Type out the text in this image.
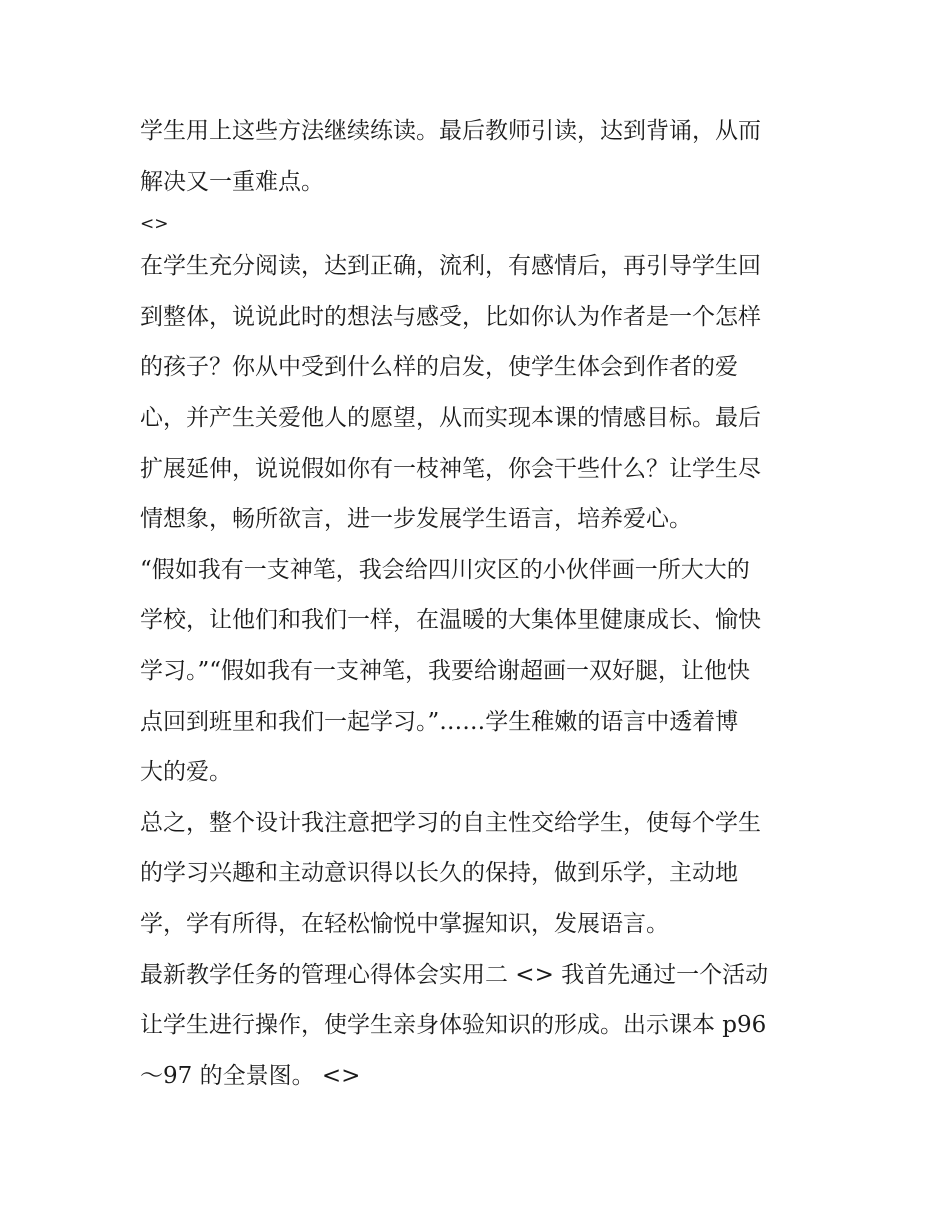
学生用上这些方法继续练读。最后教师引读，达到背诵，从而

解决又一重难点。

<>

在学生充分阅读，达到正确，流利，有感情后，再引导学生回

到整体，说说此时的想法与感受，比如你认为作者是一个怎样

的孩子？你从中受到什么样的启发，使学生体会到作者的爱

心，并产生关爱他人的愿望，从而实现本课的情感目标。最后

扩展延伸，说说假如你有一枝神笔，你会干些什么？让学生尽

情想象，畅所欲言，进一步发展学生语言，培养爱心。

“假如我有一支神笔，我会给四川灾区的小伙伴画一所大大的

学校，让他们和我们一样，在温暖的大集体里健康成长、愉快

学习。”“假如我有一支神笔，我要给谢超画一双好腿，让他快

点回到班里和我们一起学习。”……学生稚嫩的语言中透着博

大的爱。

总之，整个设计我注意把学习的自主性交给学生，使每个学生

的学习兴趣和主动意识得以长久的保持，做到乐学，主动地

学，学有所得，在轻松愉悦中掌握知识，发展语言。

最新教学任务的管理心得体会实用二 <> 我首先通过一个活动

让学生进行操作，使学生亲身体验知识的形成。出示课本 p96

～97 的全景图。 <>
